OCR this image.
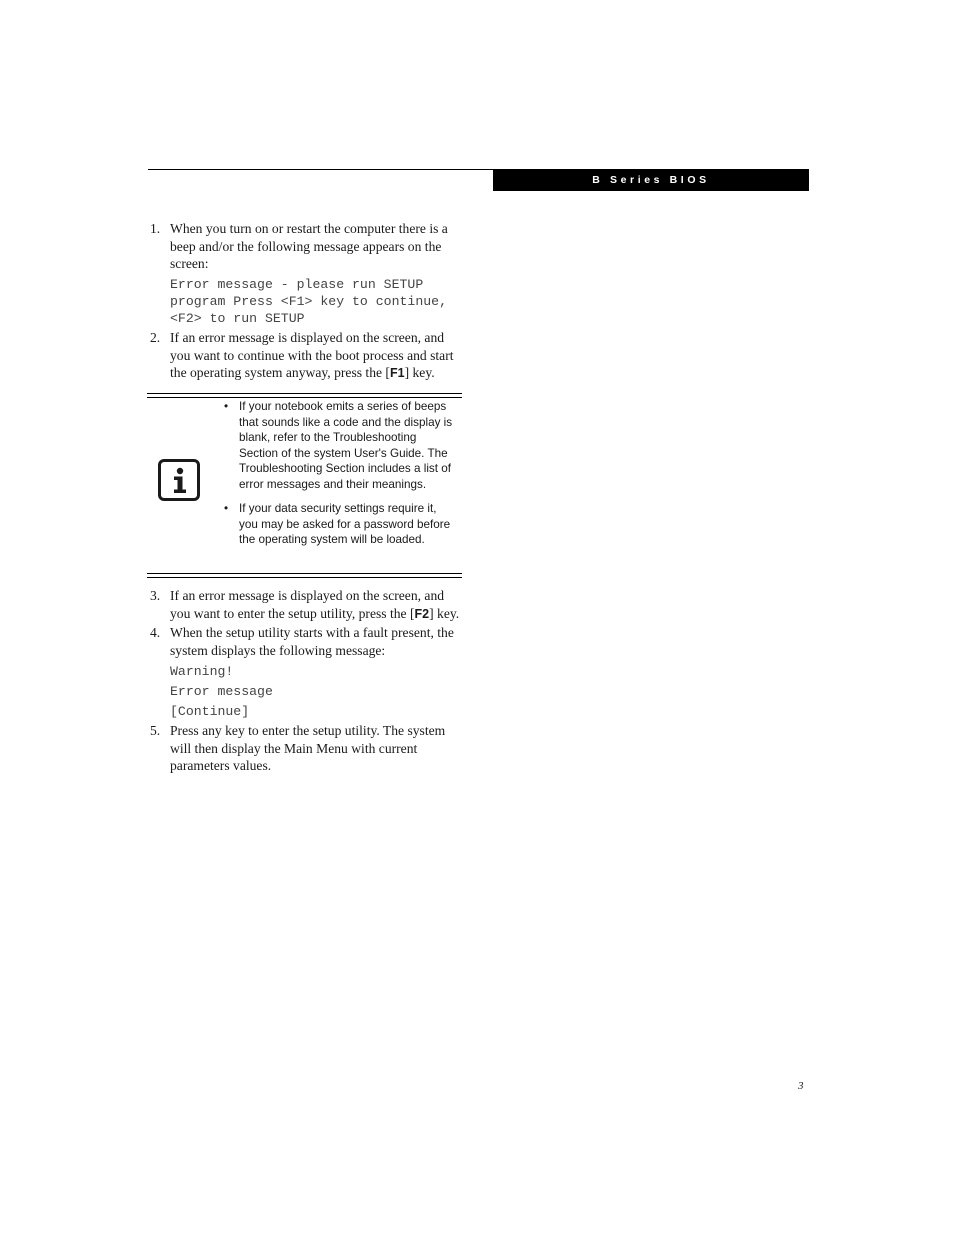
B Series BIOS
1. When you turn on or restart the computer there is a beep and/or the following message appears on the screen:
Error message - please run SETUP
program Press <F1> key to continue,
<F2> to run SETUP
2. If an error message is displayed on the screen, and you want to continue with the boot process and start the operating system anyway, press the [F1] key.
• If your notebook emits a series of beeps that sounds like a code and the display is blank, refer to the Troubleshooting Section of the system User's Guide. The Troubleshooting Section includes a list of error messages and their meanings.
• If your data security settings require it, you may be asked for a password before the operating system will be loaded.
3. If an error message is displayed on the screen, and you want to enter the setup utility, press the [F2] key.
4. When the setup utility starts with a fault present, the system displays the following message:
Warning!
Error message
[Continue]
5. Press any key to enter the setup utility. The system will then display the Main Menu with current parameters values.
3
